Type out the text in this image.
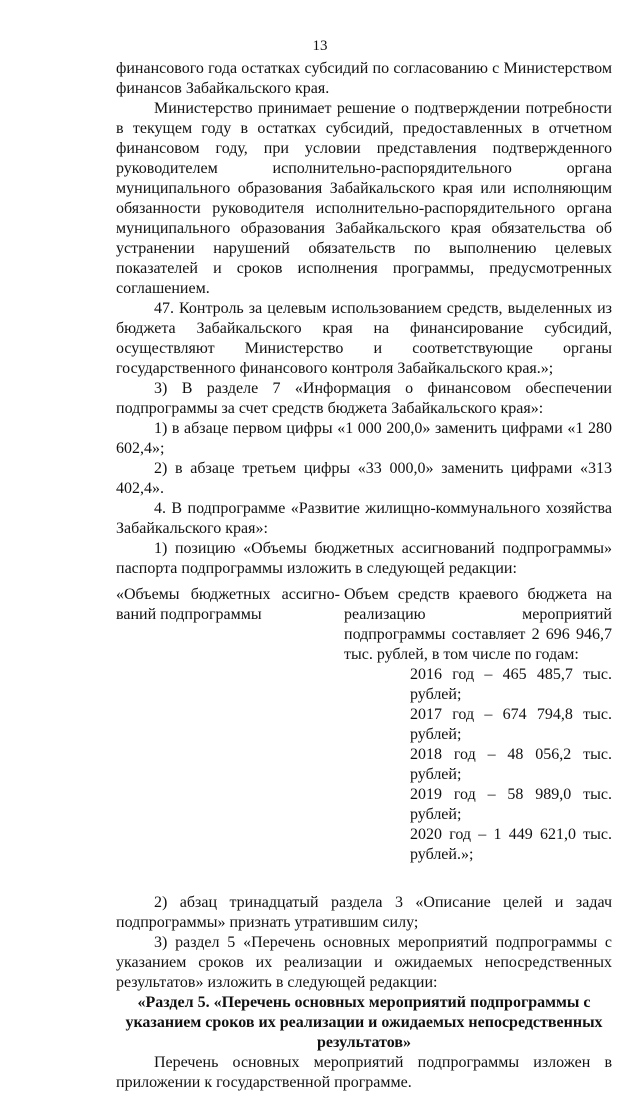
13

финансового года остатках субсидий по согласованию с Министерством финансов Забайкальского края.

Министерство принимает решение о подтверждении потребности в текущем году в остатках субсидий, предоставленных в отчетном финансовом году, при условии представления подтвержденного руководителем исполнительно-распорядительного органа муниципального образования Забайкальского края или исполняющим обязанности руководителя исполнительно-распорядительного органа муниципального образования Забайкальского края обязательства об устранении нарушений обязательств по выполнению целевых показателей и сроков исполнения программы, предусмотренных соглашением.

47. Контроль за целевым использованием средств, выделенных из бюджета Забайкальского края на финансирование субсидий, осуществляют Министерство и соответствующие органы государственного финансового контроля Забайкальского края.»;

3) В разделе 7 «Информация о финансовом обеспечении подпрограммы за счет средств бюджета Забайкальского края»:

1) в абзаце первом цифры «1 000 200,0» заменить цифрами «1 280 602,4»;

2) в абзаце третьем цифры «33 000,0» заменить цифрами «313 402,4».

4. В подпрограмме «Развитие жилищно-коммунального хозяйства Забайкальского края»:

1) позицию «Объемы бюджетных ассигнований подпрограммы» паспорта подпрограммы изложить в следующей редакции:

«Объемы бюджетных ассигнований подпрограммы
Объем средств краевого бюджета на реализацию мероприятий подпрограммы составляет 2 696 946,7 тыс. рублей, в том числе по годам:
2016 год – 465 485,7 тыс. рублей;
2017 год – 674 794,8 тыс. рублей;
2018 год – 48 056,2 тыс. рублей;
2019 год – 58 989,0 тыс. рублей;
2020 год – 1 449 621,0 тыс. рублей.»;

2) абзац тринадцатый раздела 3 «Описание целей и задач подпрограммы» признать утратившим силу;

3) раздел 5 «Перечень основных мероприятий подпрограммы с указанием сроков их реализации и ожидаемых непосредственных результатов» изложить в следующей редакции:

«Раздел 5. «Перечень основных мероприятий подпрограммы с указанием сроков их реализации и ожидаемых непосредственных результатов»

Перечень основных мероприятий подпрограммы изложен в приложении к государственной программе.
